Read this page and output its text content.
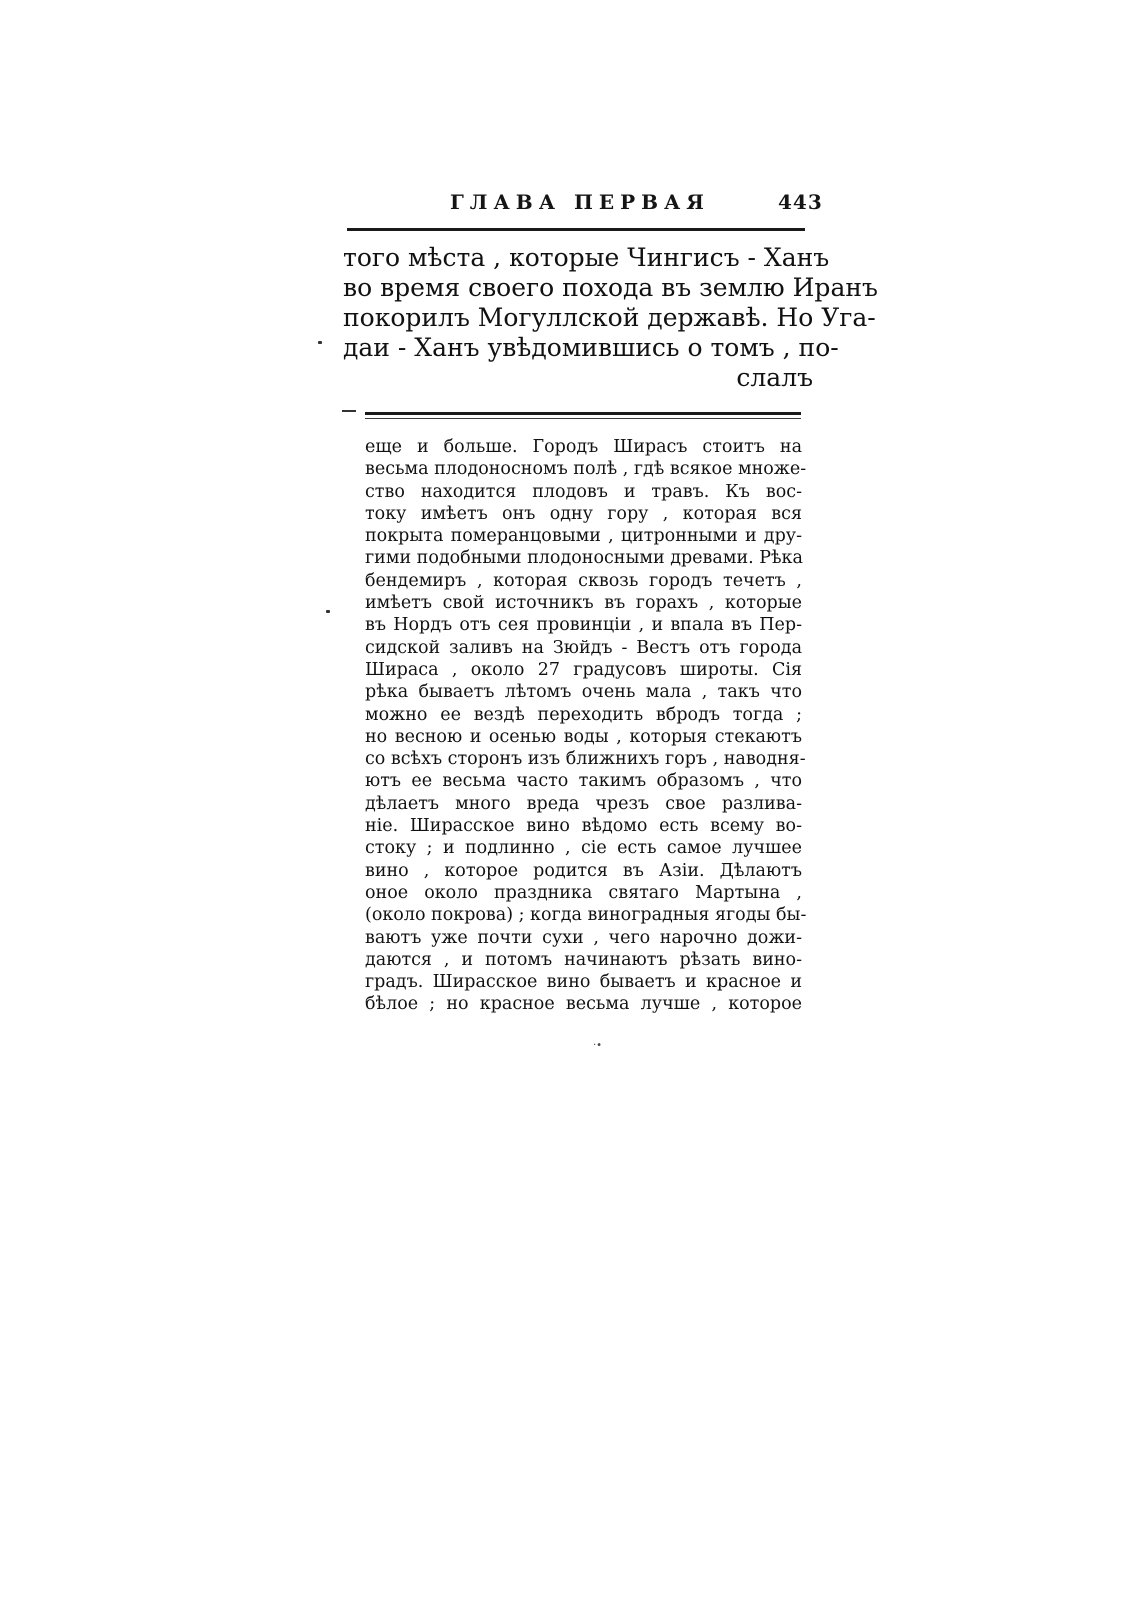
ГЛАВА ПЕРВАЯ	443
того мѣста , которые Чингисъ - Ханъ
во время своего похода въ землю Иранъ
покорилъ Могуллской державѣ. Но Уга-
даи - Ханъ увѣдомившись о томъ , по-
слалъ
еще и больше. Городъ Ширасъ стоитъ на
весьма плодоносномъ полѣ , гдѣ всякое множе-
ство находится плодовъ и травъ. Къ вос-
току имѣетъ онъ одну гору , которая вся
покрыта померанцовыми , цитронными и дру-
гими подобными плодоносными древами. Рѣка
бендемиръ , которая сквозь городъ течетъ ,
имѣетъ свой источникъ въ горахъ , которые
въ Нордъ отъ сея провинціи , и впала въ Пер-
сидской заливъ на Зюйдъ - Вестъ отъ города
Шираса , около 27 градусовъ широты. Сія
рѣка бываетъ лѣтомъ очень мала , такъ что
можно ее вездѣ переходить вбродъ тогда ;
но весною и осенью воды , которыя стекаютъ
со всѣхъ сторонъ изъ ближнихъ горъ , наводня-
ютъ ее весьма часто такимъ образомъ , что
дѣлаетъ много вреда чрезъ свое разлива-
ніе. Ширасское вино вѣдомо есть всему во-
стоку ; и подлинно , сіе есть самое лучшее
вино , которое родится въ Азіи. Дѣлаютъ
оное около праздника святаго Мартына ,
(около покрова) ; когда виноградныя ягоды бы-
ваютъ уже почти сухи , чего нарочно дожи-
даются , и потомъ начинаютъ рѣзать вино-
градъ. Ширасское вино бываетъ и красное и
бѣлое ; но красное весьма лучше , которое
·•
